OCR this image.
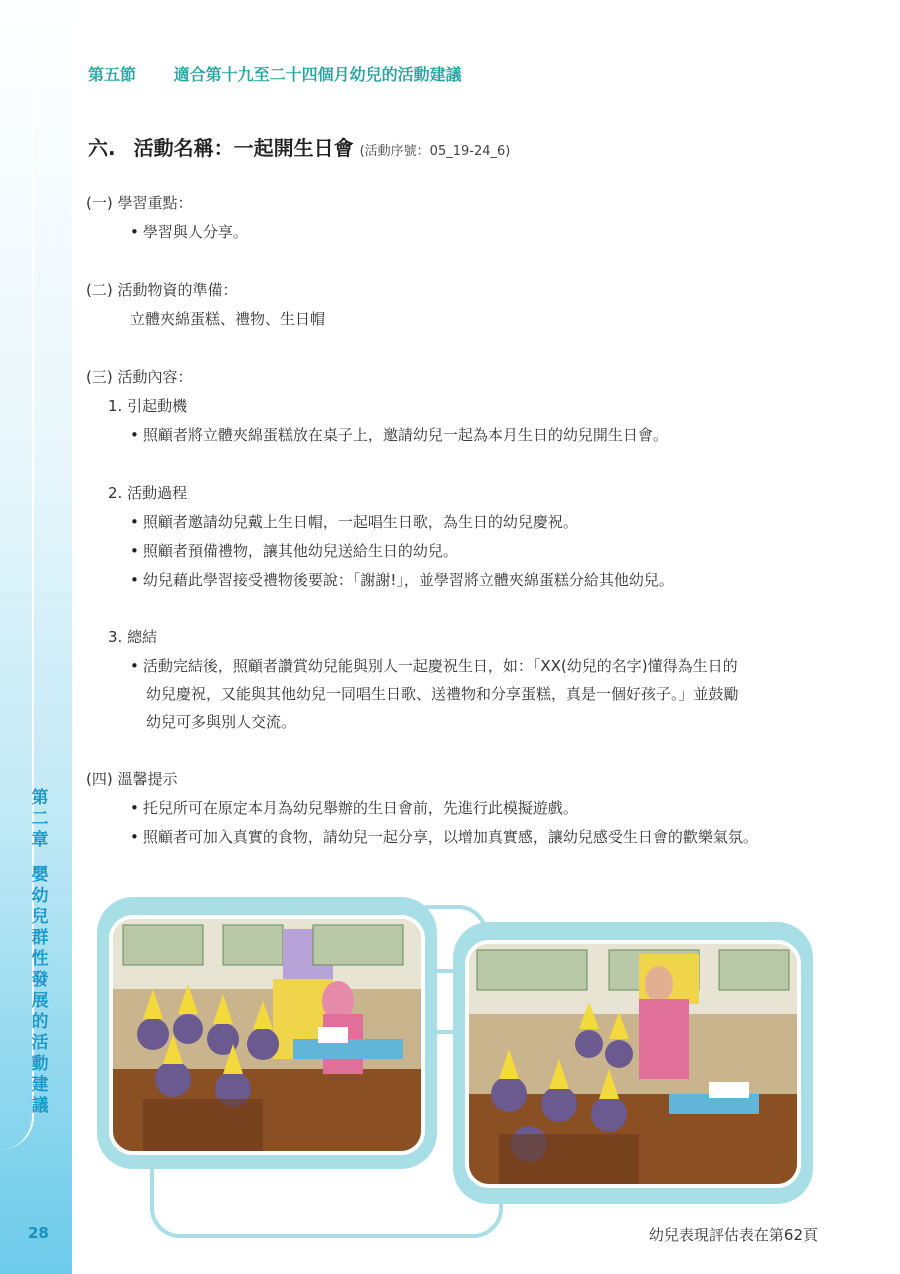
第二章
嬰幼兒群性發展的活動建議
28
第五節 適合第十九至二十四個月幼兒的活動建議
六. 活動名稱：一起開生日會 (活動序號：05_19-24_6)
(一) 學習重點：
• 學習與人分享。
(二) 活動物資的準備：
立體夾綿蛋糕、禮物、生日帽
(三) 活動內容：
1. 引起動機
• 照顧者將立體夾綿蛋糕放在桌子上，邀請幼兒一起為本月生日的幼兒開生日會。
2. 活動過程
• 照顧者邀請幼兒戴上生日帽，一起唱生日歌，為生日的幼兒慶祝。
• 照顧者預備禮物，讓其他幼兒送給生日的幼兒。
• 幼兒藉此學習接受禮物後要說：「謝謝!」，並學習將立體夾綿蛋糕分給其他幼兒。
3. 總結
• 活動完結後，照顧者讚賞幼兒能與別人一起慶祝生日，如：「XX(幼兒的名字)懂得為生日的
幼兒慶祝，又能與其他幼兒一同唱生日歌、送禮物和分享蛋糕，真是一個好孩子。」並鼓勵
幼兒可多與別人交流。
(四) 溫馨提示
• 托兒所可在原定本月為幼兒舉辦的生日會前，先進行此模擬遊戲。
• 照顧者可加入真實的食物，請幼兒一起分享，以增加真實感，讓幼兒感受生日會的歡樂氣氛。
幼兒表現評估表在第62頁
